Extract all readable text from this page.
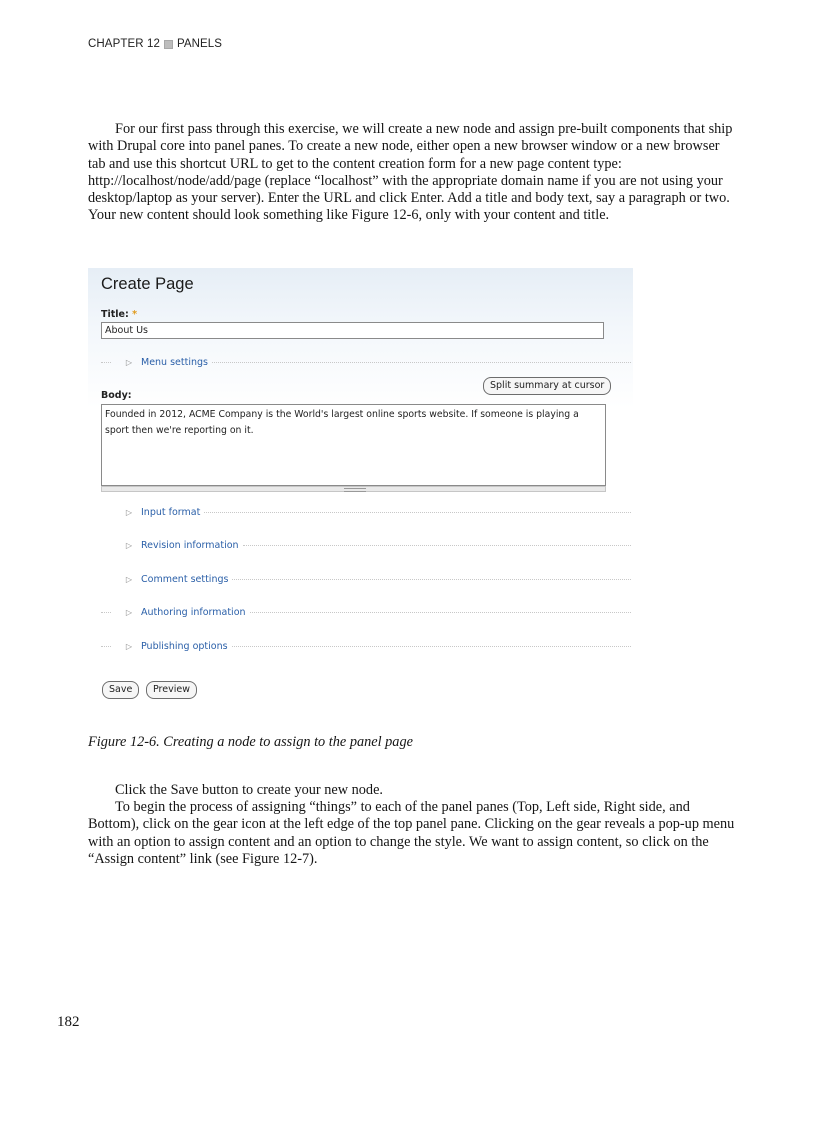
CHAPTER 12 PANELS

For our first pass through this exercise, we will create a new node and assign pre-built components that ship with Drupal core into panel panes. To create a new node, either open a new browser window or a new browser tab and use this shortcut URL to get to the content creation form for a new page content type: http://localhost/node/add/page (replace “localhost” with the appropriate domain name if you are not using your desktop/laptop as your server). Enter the URL and click Enter. Add a title and body text, say a paragraph or two. Your new content should look something like Figure 12-6, only with your content and title.

Create Page
Title: *
About Us
▷ Menu settings
Split summary at cursor
Body:
Founded in 2012, ACME Company is the World's largest online sports website. If someone is playing a sport then we're reporting on it.
▷ Input format
▷ Revision information
▷ Comment settings
▷ Authoring information
▷ Publishing options
Save	Preview
Figure 12-6. Creating a node to assign to the panel page

Click the Save button to create your new node.

To begin the process of assigning “things” to each of the panel panes (Top, Left side, Right side, and Bottom), click on the gear icon at the left edge of the top panel pane. Clicking on the gear reveals a pop-up menu with an option to assign content and an option to change the style. We want to assign content, so click on the “Assign content” link (see Figure 12-7).

182
